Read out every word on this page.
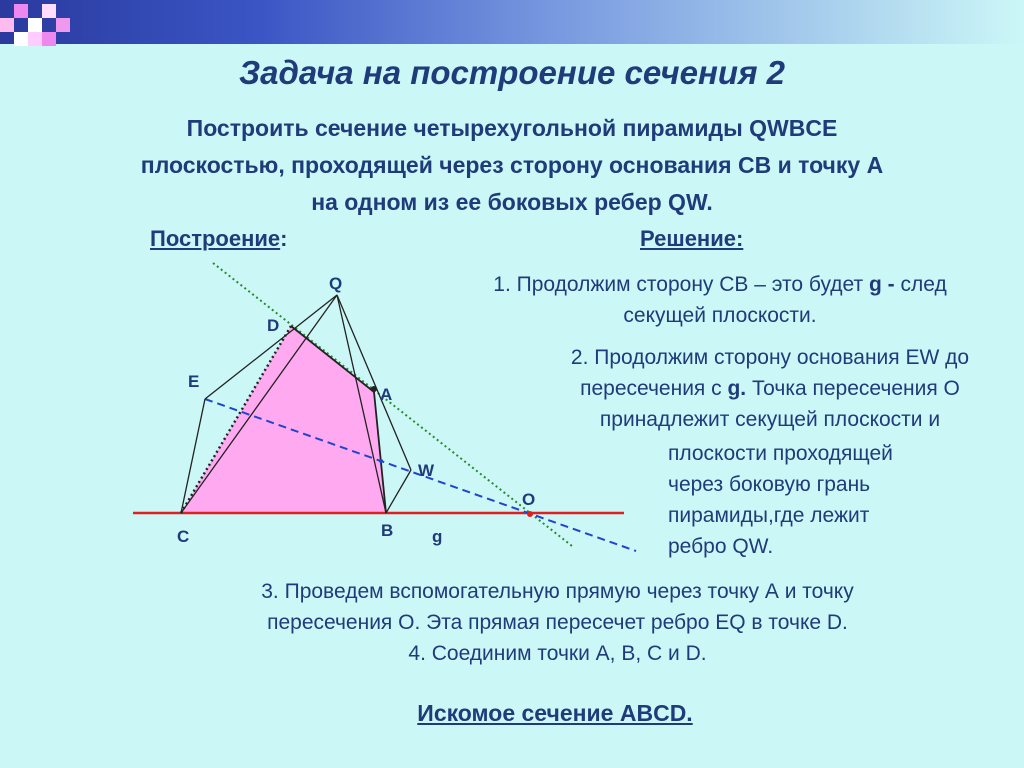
Задача на построение сечения 2
Построить сечение четырехугольной пирамиды QWBCE
плоскостью, проходящей через сторону основания СВ и точку А
на одном из ее боковых ребер QW.
Построение:	Решение:
1. Продолжим сторону СВ – это будет g - след
секущей плоскости.
2. Продолжим сторону основания EW до
пересечения с g. Точка пересечения О
принадлежит секущей плоскости и
плоскости проходящей
через боковую грань
пирамиды,где лежит
ребро QW.
3. Проведем вспомогательную прямую через точку А и точку
пересечения О. Эта прямая пересечет ребро EQ в точке D.
4. Соединим точки А, В, С и D.
Искомое сечение ABCD.
Q
D
E
A
W
O
C	B g
